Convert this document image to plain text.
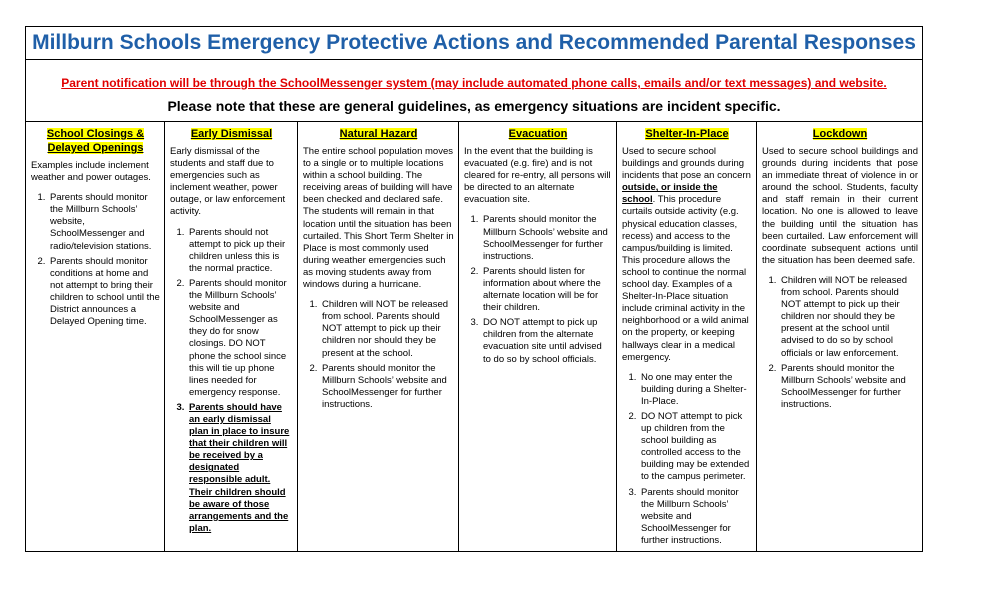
Millburn Schools Emergency Protective Actions and Recommended Parental Responses
Parent notification will be through the SchoolMessenger system (may include automated phone calls, emails and/or text messages) and website.
Please note that these are general guidelines, as emergency situations are incident specific.
School Closings & Delayed Openings

Examples include inclement weather and power outages.

1. Parents should monitor the Millburn Schools’ website, SchoolMessenger and radio/television stations.
2. Parents should monitor conditions at home and not attempt to bring their children to school until the District announces a Delayed Opening time.
Early Dismissal

Early dismissal of the students and staff due to emergencies such as inclement weather, power outage, or law enforcement activity.

1. Parents should not attempt to pick up their children unless this is the normal practice.
2. Parents should monitor the Millburn Schools’ website and SchoolMessenger as they do for snow closings. DO NOT phone the school since this will tie up phone lines needed for emergency response.
3. Parents should have an early dismissal plan in place to insure that their children will be received by a designated responsible adult. Their children should be aware of those arrangements and the plan.
Natural Hazard

The entire school population moves to a single or to multiple locations within a school building. The receiving areas of building will have been checked and declared safe. The students will remain in that location until the situation has been curtailed. This Short Term Shelter in Place is most commonly used during weather emergencies such as moving students away from windows during a hurricane.

1. Children will NOT be released from school. Parents should NOT attempt to pick up their children nor should they be present at the school.
2. Parents should monitor the Millburn Schools’ website and SchoolMessenger for further instructions.
Evacuation

In the event that the building is evacuated (e.g. fire) and is not cleared for re-entry, all persons will be directed to an alternate evacuation site.

1. Parents should monitor the Millburn Schools’ website and SchoolMessenger for further instructions.
2. Parents should listen for information about where the alternate location will be for their children.
3. DO NOT attempt to pick up children from the alternate evacuation site until advised to do so by school officials.
Shelter-In-Place

Used to secure school buildings and grounds during incidents that pose an concern outside, or inside the school. This procedure curtails outside activity (e.g. physical education classes, recess) and access to the campus/building is limited. This procedure allows the school to continue the normal school day. Examples of a Shelter-In-Place situation include criminal activity in the neighborhood or a wild animal on the property, or keeping hallways clear in a medical emergency.

1. No one may enter the building during a Shelter-In-Place.
2. DO NOT attempt to pick up children from the school building as controlled access to the building may be extended to the campus perimeter.
3. Parents should monitor the Millburn Schools’ website and SchoolMessenger for further instructions.
Lockdown

Used to secure school buildings and grounds during incidents that pose an immediate threat of violence in or around the school. Students, faculty and staff remain in their current location. No one is allowed to leave the building until the situation has been curtailed. Law enforcement will coordinate subsequent actions until the situation has been deemed safe.

1. Children will NOT be released from school. Parents should NOT attempt to pick up their children nor should they be present at the school until advised to do so by school officials or law enforcement.
2. Parents should monitor the Millburn Schools’ website and SchoolMessenger for further instructions.
